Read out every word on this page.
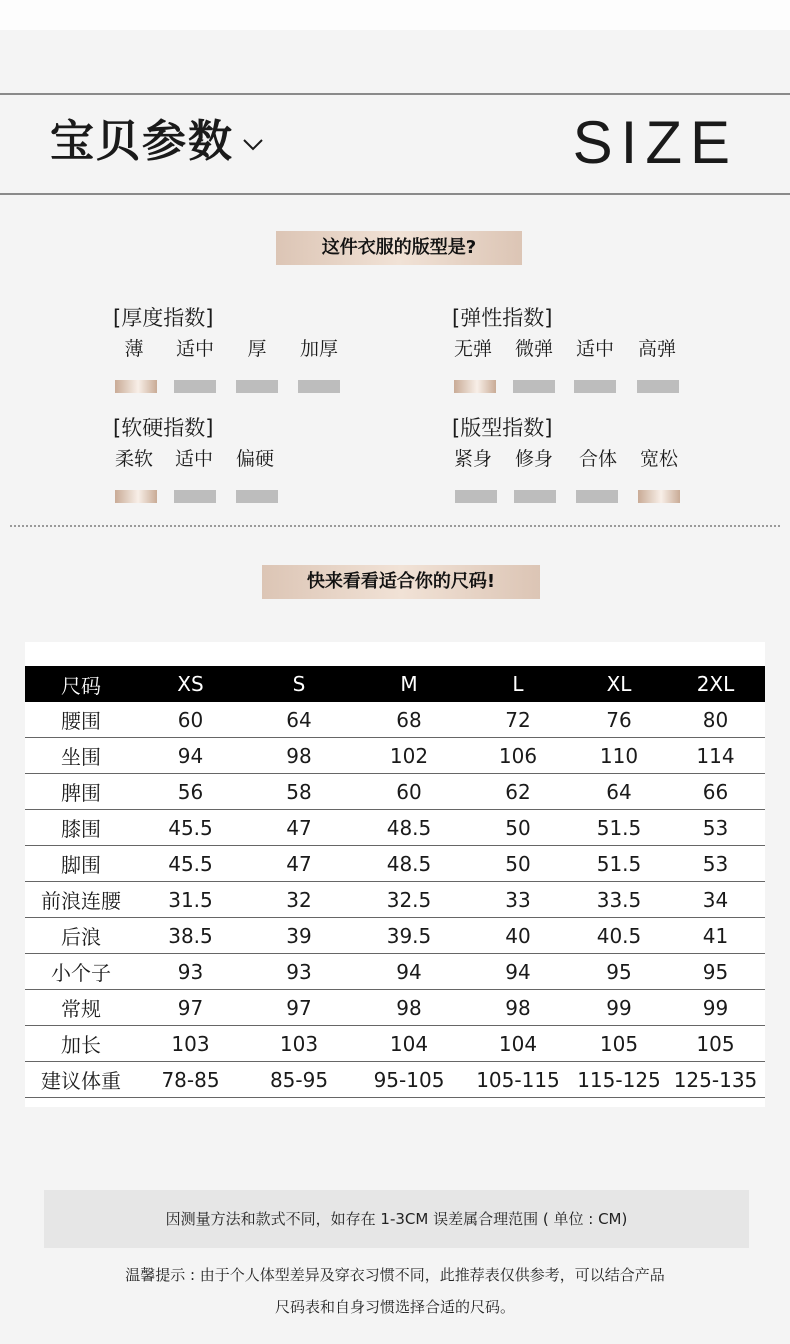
宝贝参数	SIZE
这件衣服的版型是?
[厚度指数]
薄	适中	厚	加厚
[弹性指数]
无弹 微弹 适中 高弹
[软硬指数]
柔软 适中 偏硬
[版型指数]
紧身 修身 合体 宽松
快来看看适合你的尺码!
尺码	XS	S	M	L	XL	2XL
腰围	60	64	68	72	76	80
坐围	94	98	102	106	110	114
脾围	56	58	60	62	64	66
膝围	45.5	47	48.5	50	51.5	53
脚围	45.5	47	48.5	50	51.5	53
前浪连腰	31.5	32	32.5	33	33.5	34
后浪	38.5	39	39.5	40	40.5	41
小个子	93	93	94	94	95	95
常规	97	97	98	98	99	99
加长	103	103	104	104	105	105
建议体重	78-85	85-95	95-105	105-115	115-125	125-135
因测量方法和款式不同，如存在 1-3CM 误差属合理范围 ( 单位 : CM)
温馨提示 : 由于个人体型差异及穿衣习惯不同，此推荐表仅供参考，可以结合产品
尺码表和自身习惯选择合适的尺码。
